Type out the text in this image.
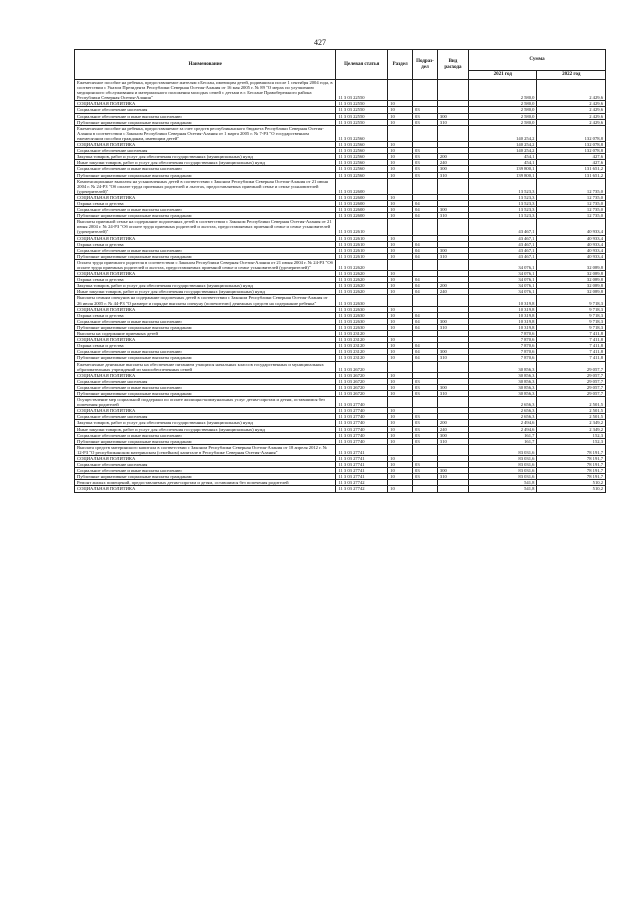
427
Наименование	Целевая статья	Раздел	Подраз-дел	Вид расхода	Сумма	
					2021 год	2022 год
Ежемесячное пособие на ребенка, предоставляемое жителям г.Беслан, имеющим детей, родившихся после 1 сентября 2004 года, в соответствии с Указом Президента Республики Северная Осетия-Алания от 16 мая 2005 г. № 89 "О мерах по улучшению медицинского обслуживания и материального положения молодых семей с детьми в г. Беслане Правобережного района Республики Северная Осетия-Алания"	11 3 03 22550				2 580,0	2 429,6
СОЦИАЛЬНАЯ ПОЛИТИКА	11 3 03 22550	10			2 580,0	2 429,6
Социальное обеспечение населения	11 3 03 22550	10	03		2 580,0	2 429,6
Социальное обеспечение и иные выплаты населению	11 3 03 22550	10	03	300	2 580,0	2 429,6
Публичные нормативные социальные выплаты гражданам	11 3 03 22550	10	03	310	2 580,0	2 429,6
Ежемесячное пособие на ребенка, предоставляемое за счет средств республиканского бюджета Республики Северная Осетия-Алания в соответствии с Законом Республики Северная Осетия-Алания от 1 марта 2005 г. № 7-РЗ "О государственном ежемесячном пособии гражданам, имеющим детей"	11 3 03 22560				140 254,2	132 078,8
СОЦИАЛЬНАЯ ПОЛИТИКА	11 3 03 22560	10			140 254,2	132 078,8
Социальное обеспечение населения	11 3 03 22560	10	03		140 254,2	132 078,8
Закупка товаров, работ и услуг для обеспечения государственных (муниципальных) нужд	11 3 03 22560	10	03	200	454,1	427,6
Иные закупки товаров, работ и услуг для обеспечения государственных (муниципальных) нужд	11 3 03 22560	10	03	240	454,1	427,6
Социальное обеспечение и иные выплаты населению	11 3 03 22560	10	03	300	139 800,1	131 651,2
Публичные нормативные социальные выплаты гражданам	11 3 03 22560	10	03	310	139 800,1	131 651,2
Компенсационные выплаты на усыновленных детей в соответствии с Законом Республики Северная Осетия-Алания от 21 июня 2004 г. № 24-РЗ "Об оплате труда приемных родителей и льготах, предоставляемых приемной семье и семье усыновителей (удочерителей)"	11 3 03 22600				13 523,3	12 735,0
СОЦИАЛЬНАЯ ПОЛИТИКА	11 3 03 22600	10			13 523,3	12 735,0
Охрана семьи и детства	11 3 03 22600	10	04		13 523,3	12 735,0
Социальное обеспечение и иные выплаты населению	11 3 03 22600	10	04	300	13 523,3	12 735,0
Публичные нормативные социальные выплаты гражданам	11 3 03 22600	10	04	310	13 523,3	12 735,0
Выплаты приемной семье на содержание подопечных детей в соответствии с Законом Республики Северная Осетия-Алания от 21 июня 2004 г. № 24-РЗ "Об оплате труда приемных родителей и льготах, предоставляемых приемной семье и семье усыновителей (удочерителей)"	11 3 03 22610				43 467,1	40 933,4
СОЦИАЛЬНАЯ ПОЛИТИКА	11 3 03 22610	10			43 467,1	40 933,4
Охрана семьи и детства	11 3 03 22610	10	04		43 467,1	40 933,4
Социальное обеспечение и иные выплаты населению	11 3 03 22610	10	04	300	43 467,1	40 933,4
Публичные нормативные социальные выплаты гражданам	11 3 03 22610	10	04	310	43 467,1	40 933,4
Оплата труда приемного родителя в соответствии с Законом Республики Северная Осетия-Алания от 21 июня 2004 г. № 24-РЗ "Об оплате труда приемных родителей и льготах, предоставляемых приемной семье и семье усыновителей (удочерителей)"	11 3 03 22620				34 076,1	32 089,8
СОЦИАЛЬНАЯ ПОЛИТИКА	11 3 03 22620	10			34 076,1	32 089,8
Охрана семьи и детства	11 3 03 22620	10	04		34 076,1	32 089,8
Закупка товаров, работ и услуг для обеспечения государственных (муниципальных) нужд	11 3 03 22620	10	04	200	34 076,1	32 089,8
Иные закупки товаров, работ и услуг для обеспечения государственных (муниципальных) нужд	11 3 03 22620	10	04	240	34 076,1	32 089,8
Выплаты семьям опекунов на содержание подопечных детей в соответствии с Законом Республики Северная Осетия-Алания от 26 июля 2005 г. № 44-РЗ "О размере и порядке выплаты опекуну (попечителю) денежных средств на содержание ребенка"	11 3 03 22630				10 319,8	9 718,3
СОЦИАЛЬНАЯ ПОЛИТИКА	11 3 03 22630	10			10 319,8	9 718,3
Охрана семьи и детства	11 3 03 22630	10	04		10 319,8	9 718,3
Социальное обеспечение и иные выплаты населению	11 3 03 22630	10	04	300	10 319,8	9 718,3
Публичные нормативные социальные выплаты гражданам	11 3 03 22630	10	04	310	10 319,8	9 718,3
Выплаты на содержание приемных детей	11 3 03 23120				7 870,6	7 411,8
СОЦИАЛЬНАЯ ПОЛИТИКА	11 3 03 23120	10			7 870,6	7 411,8
Охрана семьи и детства	11 3 03 23120	10	04		7 870,6	7 411,8
Социальное обеспечение и иные выплаты населению	11 3 03 23120	10	04	300	7 870,6	7 411,8
Публичные нормативные социальные выплаты гражданам	11 3 03 23120	10	04	310	7 870,6	7 411,8
Ежемесячные денежные выплаты на обеспечение питанием учащихся начальных классов государственных и муниципальных образовательных учреждений из малообеспеченных семей	11 3 03 26720				30 856,3	29 057,7
СОЦИАЛЬНАЯ ПОЛИТИКА	11 3 03 26720	10			30 856,3	29 057,7
Социальное обеспечение населения	11 3 03 26720	10	03		30 856,3	29 057,7
Социальное обеспечение и иные выплаты населению	11 3 03 26720	10	03	300	30 856,3	29 057,7
Публичные нормативные социальные выплаты гражданам	11 3 03 26720	10	03	310	30 856,3	29 057,7
Осуществление мер социальной поддержки по оплате жилищно-коммунальных услуг детям-сиротам и детям, оставшимся без попечения родителей	11 3 03 27740				2 656,3	2 501,5
СОЦИАЛЬНАЯ ПОЛИТИКА	11 3 03 27740	10			2 656,3	2 501,5
Социальное обеспечение населения	11 3 03 27740	10	03		2 656,3	2 501,5
Закупка товаров, работ и услуг для обеспечения государственных (муниципальных) нужд	11 3 03 27740	10	03	200	2 494,6	2 349,2
Иные закупки товаров, работ и услуг для обеспечения государственных (муниципальных) нужд	11 3 03 27740	10	03	240	2 494,6	2 349,2
Социальное обеспечение и иные выплаты населению	11 3 03 27740	10	03	300	161,7	152,3
Публичные нормативные социальные выплаты гражданам	11 3 03 27740	10	03	310	161,7	152,3
Выплата средств материнского капитала в соответствии с Законом Республики Северная Осетия-Алания от 18 апреля 2012 г. № 12-РЗ "О республиканском материнском (семейном) капитале в Республике Северная Осетия-Алания"	11 3 03 27741				83 031,6	78 191,7
СОЦИАЛЬНАЯ ПОЛИТИКА	11 3 03 27741	10			83 031,6	78 191,7
Социальное обеспечение населения	11 3 03 27741	10	03		83 031,6	78 191,7
Социальное обеспечение и иные выплаты населению	11 3 03 27741	10	03	300	83 031,6	78 191,7
Публичные нормативные социальные выплаты гражданам	11 3 03 27741	10	03	310	83 031,6	78 191,7
Ремонт жилых помещений, предоставляемых детям-сиротам и детям, оставшимся без попечения родителей	11 3 03 27742				541,8	510,2
СОЦИАЛЬНАЯ ПОЛИТИКА	11 3 03 27742	10			541,8	510,2
